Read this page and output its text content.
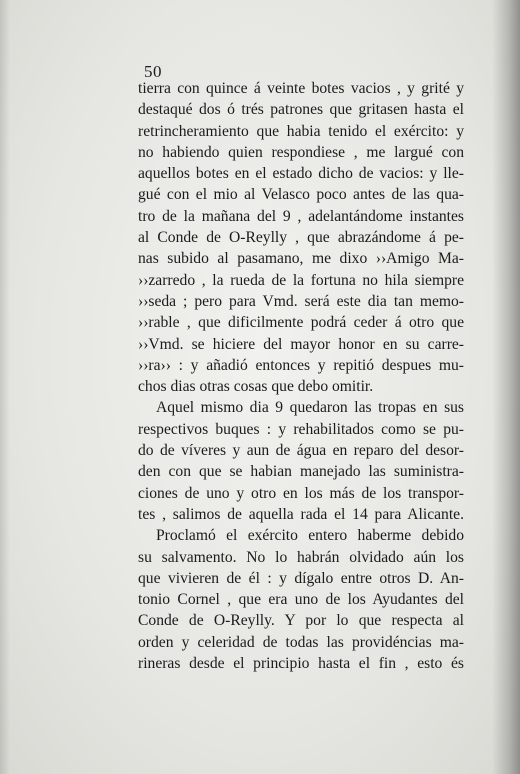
50
tierra con quince á veinte botes vacios , y grité y
destaqué dos ó trés patrones que gritasen hasta el
retrincheramiento que habia tenido el exército: y
no habiendo quien respondiese , me largué con
aquellos botes en el estado dicho de vacios: y lle-
gué con el mio al Velasco poco antes de las qua-
tro de la mañana del 9 , adelantándome instantes
al Conde de O-Reylly , que abrazándome á pe-
nas subido al pasamano, me dixo ››Amigo Ma-
››zarredo , la rueda de la fortuna no hila siempre
››seda ; pero para Vmd. será este dia tan memo-
››rable , que dificilmente podrá ceder á otro que
››Vmd. se hiciere del mayor honor en su carre-
››ra›› : y añadió entonces y repitió despues mu-
chos dias otras cosas que debo omitir.
Aquel mismo dia 9 quedaron las tropas en sus
respectivos buques : y rehabilitados como se pu-
do de víveres y aun de água en reparo del desor-
den con que se habian manejado las suministra-
ciones de uno y otro en los más de los transpor-
tes , salimos de aquella rada el 14 para Alicante.
Proclamó el exército entero haberme debido
su salvamento. No lo habrán olvidado aún los
que vivieren de él : y dígalo entre otros D. An-
tonio Cornel , que era uno de los Ayudantes del
Conde de O-Reylly. Y por lo que respecta al
orden y celeridad de todas las providéncias ma-
rineras desde el principio hasta el fin , esto és
